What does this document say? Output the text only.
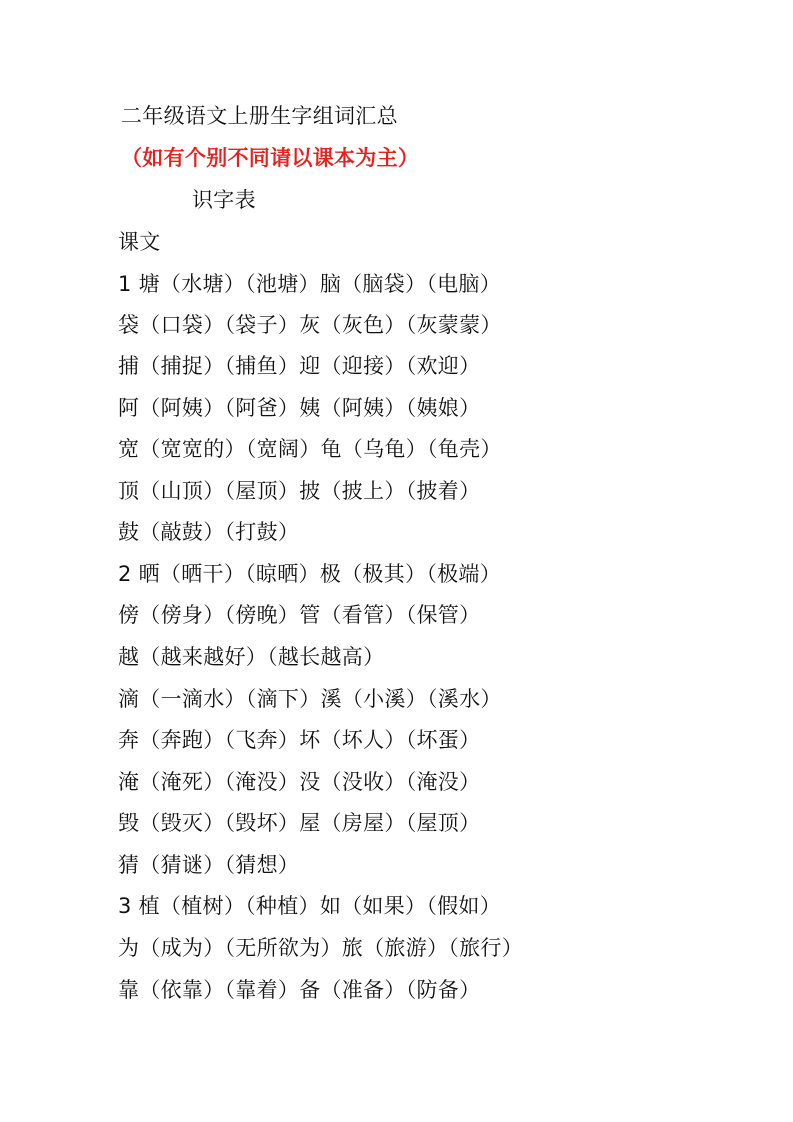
二年级语文上册生字组词汇总
（如有个别不同请以课本为主）
识字表
课文
1 塘（水塘）（池塘）脑（脑袋）（电脑）
袋（口袋）（袋子）灰（灰色）（灰蒙蒙）
捕（捕捉）（捕鱼）迎（迎接）（欢迎）
阿（阿姨）（阿爸）姨（阿姨）（姨娘）
宽（宽宽的）（宽阔）龟（乌龟）（龟壳）
顶（山顶）（屋顶）披（披上）（披着）
鼓（敲鼓）（打鼓）
2 晒（晒干）（晾晒）极（极其）（极端）
傍（傍身）（傍晚）管（看管）（保管）
越（越来越好）（越长越高）
滴（一滴水）（滴下）溪（小溪）（溪水）
奔（奔跑）（飞奔）坏（坏人）（坏蛋）
淹（淹死）（淹没）没（没收）（淹没）
毁（毁灭）（毁坏）屋（房屋）（屋顶）
猜（猜谜）（猜想）
3 植（植树）（种植）如（如果）（假如）
为（成为）（无所欲为）旅（旅游）（旅行）
靠（依靠）（靠着）备（准备）（防备）
